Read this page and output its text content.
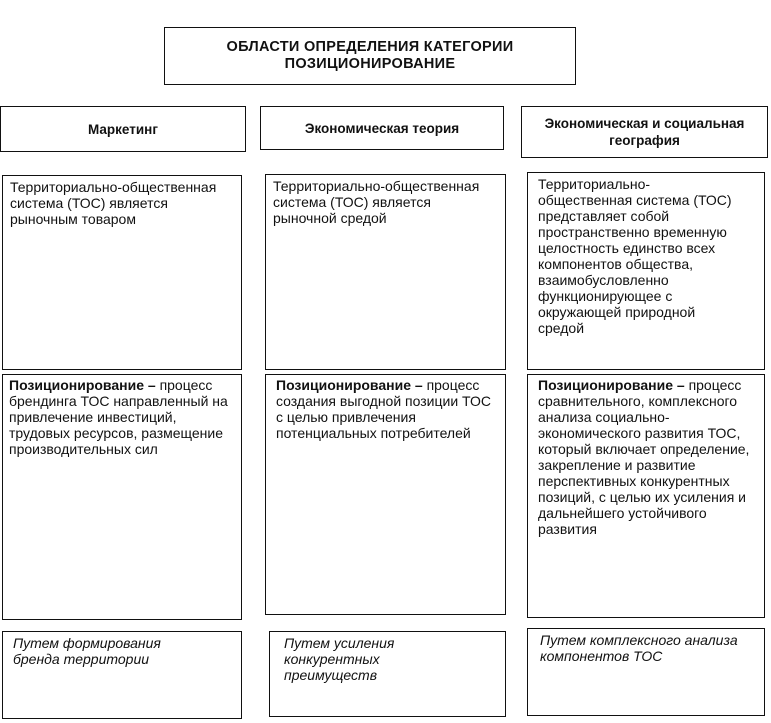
ОБЛАСТИ ОПРЕДЕЛЕНИЯ КАТЕГОРИИ ПОЗИЦИОНИРОВАНИЕ
Маркетинг	Экономическая теория	Экономическая и социальная география
Территориально-общественная система (ТОС) является рыночным товаром
Территориально-общественная система (ТОС) является рыночной средой
Территориально-общественная система (ТОС) представляет собой пространственно временную целостность единство всех компонентов общества, взаимобусловленно функционирующее с окружающей природной средой
Позиционирование – процесс брендинга ТОС направленный на привлечение инвестиций, трудовых ресурсов, размещение производительных сил
Позиционирование – процесс создания выгодной позиции ТОС с целью привлечения потенциальных потребителей
Позиционирование – процесс сравнительного, комплексного анализа социально-экономического развития ТОС, который включает определение, закрепление и развитие перспективных конкурентных позиций, с целью их усиления и дальнейшего устойчивого развития
Путем формирования бренда территории
Путем усиления конкурентных преимуществ
Путем комплексного анализа компонентов ТОС
